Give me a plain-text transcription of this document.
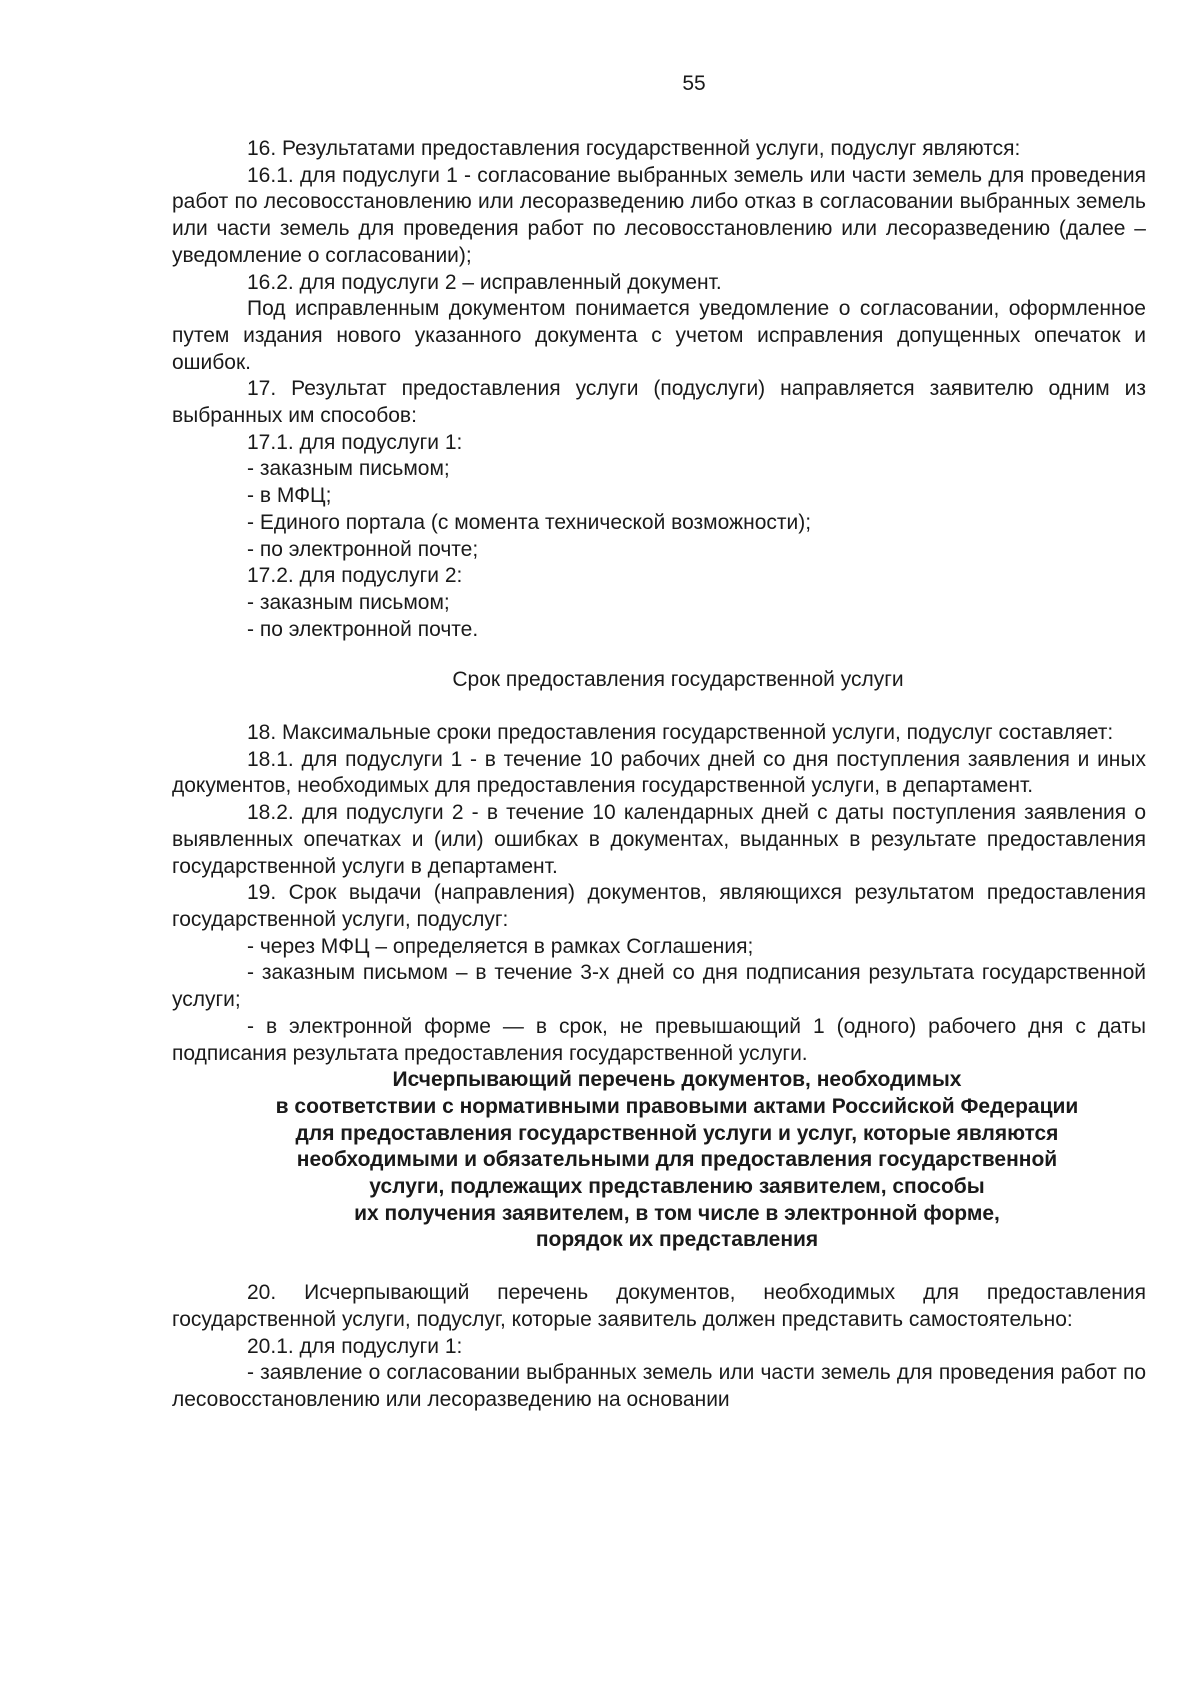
55

16. Результатами предоставления государственной услуги, подуслуг являются:

16.1. для подуслуги 1 - согласование выбранных земель или части земель для проведения работ по лесовосстановлению или лесоразведению либо отказ в согласовании выбранных земель или части земель для проведения работ по лесовосстановлению или лесоразведению (далее – уведомление о согласовании);

16.2. для подуслуги 2 – исправленный документ.

Под исправленным документом понимается уведомление о согласовании, оформленное путем издания нового указанного документа с учетом исправления допущенных опечаток и ошибок.

17. Результат предоставления услуги (подуслуги) направляется заявителю одним из выбранных им способов:

17.1. для подуслуги 1:

- заказным письмом;

- в МФЦ;

- Единого портала (с момента технической возможности);

- по электронной почте;

17.2. для подуслуги 2:

- заказным письмом;

- по электронной почте.

Срок предоставления государственной услуги

18. Максимальные сроки предоставления государственной услуги, подуслуг составляет:

18.1. для подуслуги 1 - в течение 10 рабочих дней со дня поступления заявления и иных документов, необходимых для предоставления государственной услуги, в департамент.

18.2. для подуслуги 2 - в течение 10 календарных дней с даты поступления заявления о выявленных опечатках и (или) ошибках в документах, выданных в результате предоставления государственной услуги в департамент.

19. Срок выдачи (направления) документов, являющихся результатом предоставления государственной услуги, подуслуг:

- через МФЦ – определяется в рамках Соглашения;

- заказным письмом – в течение 3-х дней со дня подписания результата государственной услуги;

- в электронной форме — в срок, не превышающий 1 (одного) рабочего дня с даты подписания результата предоставления государственной услуги.

Исчерпывающий перечень документов, необходимых
в соответствии с нормативными правовыми актами Российской Федерации
для предоставления государственной услуги и услуг, которые являются
необходимыми и обязательными для предоставления государственной
услуги, подлежащих представлению заявителем, способы
их получения заявителем, в том числе в электронной форме,
порядок их представления

20. Исчерпывающий перечень документов, необходимых для предоставления государственной услуги, подуслуг, которые заявитель должен представить самостоятельно:

20.1. для подуслуги 1:

- заявление о согласовании выбранных земель или части земель для проведения работ по лесовосстановлению или лесоразведению на основании
